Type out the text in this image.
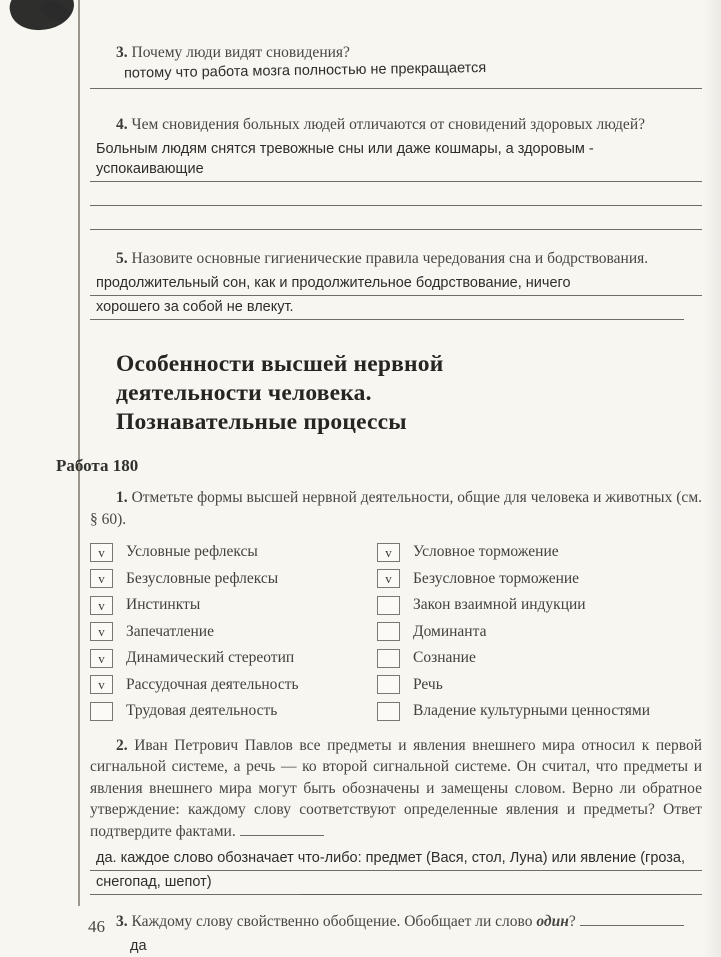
3. Почему люди видят сновидения? потому что работа мозга полностью не прекращается
4. Чем сновидения больных людей отличаются от сновидений здоровых людей?
Больным людям снятся тревожные сны или даже кошмары, а здоровым - успокаивающие
5. Назовите основные гигиенические правила чередования сна и бодрствования.
продолжительный сон, как и продолжительное бодрствование, ничего
хорошего за собой не влекут.
Особенности высшей нервной
деятельности человека.
Познавательные процессы
Работа 180
1. Отметьте формы высшей нервной деятельности, общие для человека и животных (см. § 60).
v Условные рефлексы
v Безусловные рефлексы
v Инстинкты
v Запечатление
v Динамический стереотип
v Рассудочная деятельность
Трудовая деятельность
v Условное торможение
v Безусловное торможение
Закон взаимной индукции
Доминанта
Сознание
Речь
Владение культурными ценностями
2. Иван Петрович Павлов все предметы и явления внешнего мира относил к первой сигнальной системе, а речь — ко второй сигнальной системе. Он считал, что предметы и явления внешнего мира могут быть обозначены и замещены словом. Верно ли обратное утверждение: каждому слову соответствуют определенные явления и предметы? Ответ подтвердите фактами.
да. каждое слово обозначает что-либо: предмет (Вася, стол, Луна) или явление (гроза,
снегопад, шепот)
3. Каждому слову свойственно обобщение. Обобщает ли слово один?
да
46
